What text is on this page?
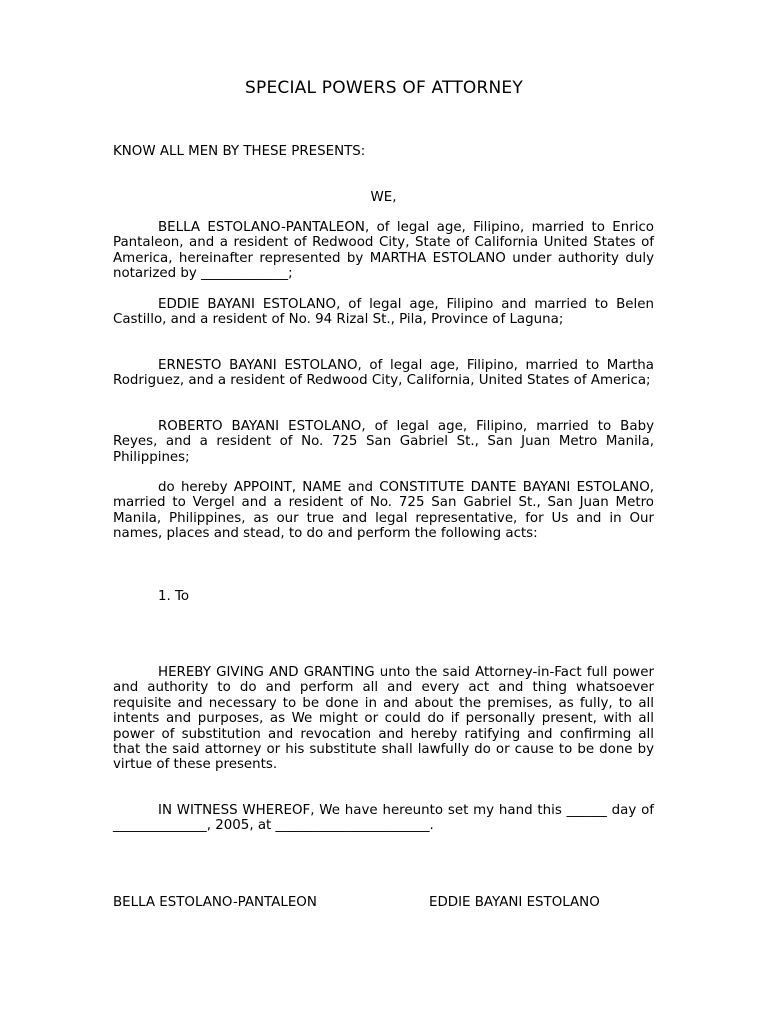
SPECIAL POWERS OF ATTORNEY
KNOW ALL MEN BY THESE PRESENTS:
WE,
BELLA ESTOLANO-PANTALEON, of legal age, Filipino, married to Enrico Pantaleon, and a resident of Redwood City, State of California United States of America, hereinafter represented by MARTHA ESTOLANO under authority duly notarized by _____________;
EDDIE BAYANI ESTOLANO, of legal age, Filipino and married to Belen Castillo, and a resident of No. 94 Rizal St., Pila, Province of Laguna;
ERNESTO BAYANI ESTOLANO, of legal age, Filipino, married to Martha Rodriguez, and a resident of Redwood City, California, United States of America;
ROBERTO BAYANI ESTOLANO, of legal age, Filipino, married to Baby Reyes, and a resident of No. 725 San Gabriel St., San Juan Metro Manila, Philippines;
do hereby APPOINT, NAME and CONSTITUTE DANTE BAYANI ESTOLANO, married to Vergel and a resident of No. 725 San Gabriel St., San Juan Metro Manila, Philippines, as our true and legal representative, for Us and in Our names, places and stead, to do and perform the following acts:
1. To
HEREBY GIVING AND GRANTING unto the said Attorney-in-Fact full power and authority to do and perform all and every act and thing whatsoever requisite and necessary to be done in and about the premises, as fully, to all intents and purposes, as We might or could do if personally present, with all power of substitution and revocation and hereby ratifying and confirming all that the said attorney or his substitute shall lawfully do or cause to be done by virtue of these presents.
IN WITNESS WHEREOF, We have hereunto set my hand this ______ day of ______________, 2005, at _______________________.
BELLA ESTOLANO-PANTALEON	EDDIE BAYANI ESTOLANO
